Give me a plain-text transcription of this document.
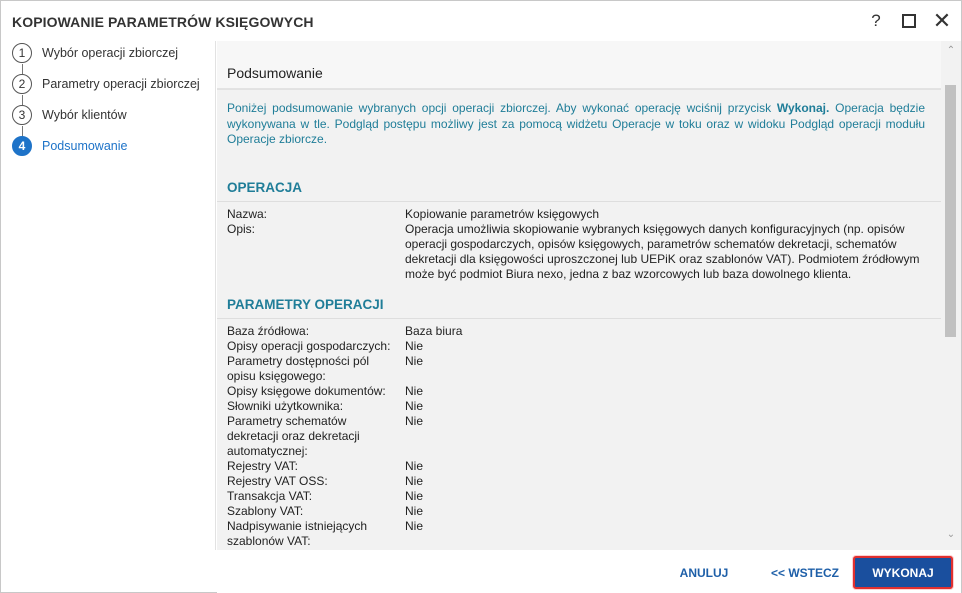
KOPIOWANIE PARAMETRÓW KSIĘGOWYCH	? ✕
1	Wybór operacji zbiorczej
2	Parametry operacji zbiorczej
3	Wybór klientów
4	Podsumowanie
Podsumowanie
Poniżej podsumowanie wybranych opcji operacji zbiorczej. Aby wykonać operację wciśnij przycisk Wykonaj. Operacja będzie wykonywana w tle. Podgląd postępu możliwy jest za pomocą widżetu Operacje w toku oraz w widoku Podgląd operacji modułu Operacje zbiorcze.
OPERACJA
Nazwa:	Kopiowanie parametrów księgowych
Opis:	Operacja umożliwia skopiowanie wybranych księgowych danych konfiguracyjnych (np. opisów operacji gospodarczych, opisów księgowych, parametrów schematów dekretacji, schematów dekretacji dla księgowości uproszczonej lub UEPiK oraz szablonów VAT). Podmiotem źródłowym może być podmiot Biura nexo, jedna z baz wzorcowych lub baza dowolnego klienta.
PARAMETRY OPERACJI
Baza źródłowa:	Baza biura
Opisy operacji gospodarczych:	Nie
Parametry dostępności pól opisu księgowego:
Nie
Opisy księgowe dokumentów:	Nie
Słowniki użytkownika:	Nie
Parametry schematów dekretacji oraz dekretacji automatycznej:
Nie
Rejestry VAT:	Nie
Rejestry VAT OSS:	Nie
Transakcja VAT:	Nie
Szablony VAT:	Nie
Nadpisywanie istniejących szablonów VAT:
Nie
⌃
⌄
ANULUJ	<< WSTECZ	WYKONAJ
